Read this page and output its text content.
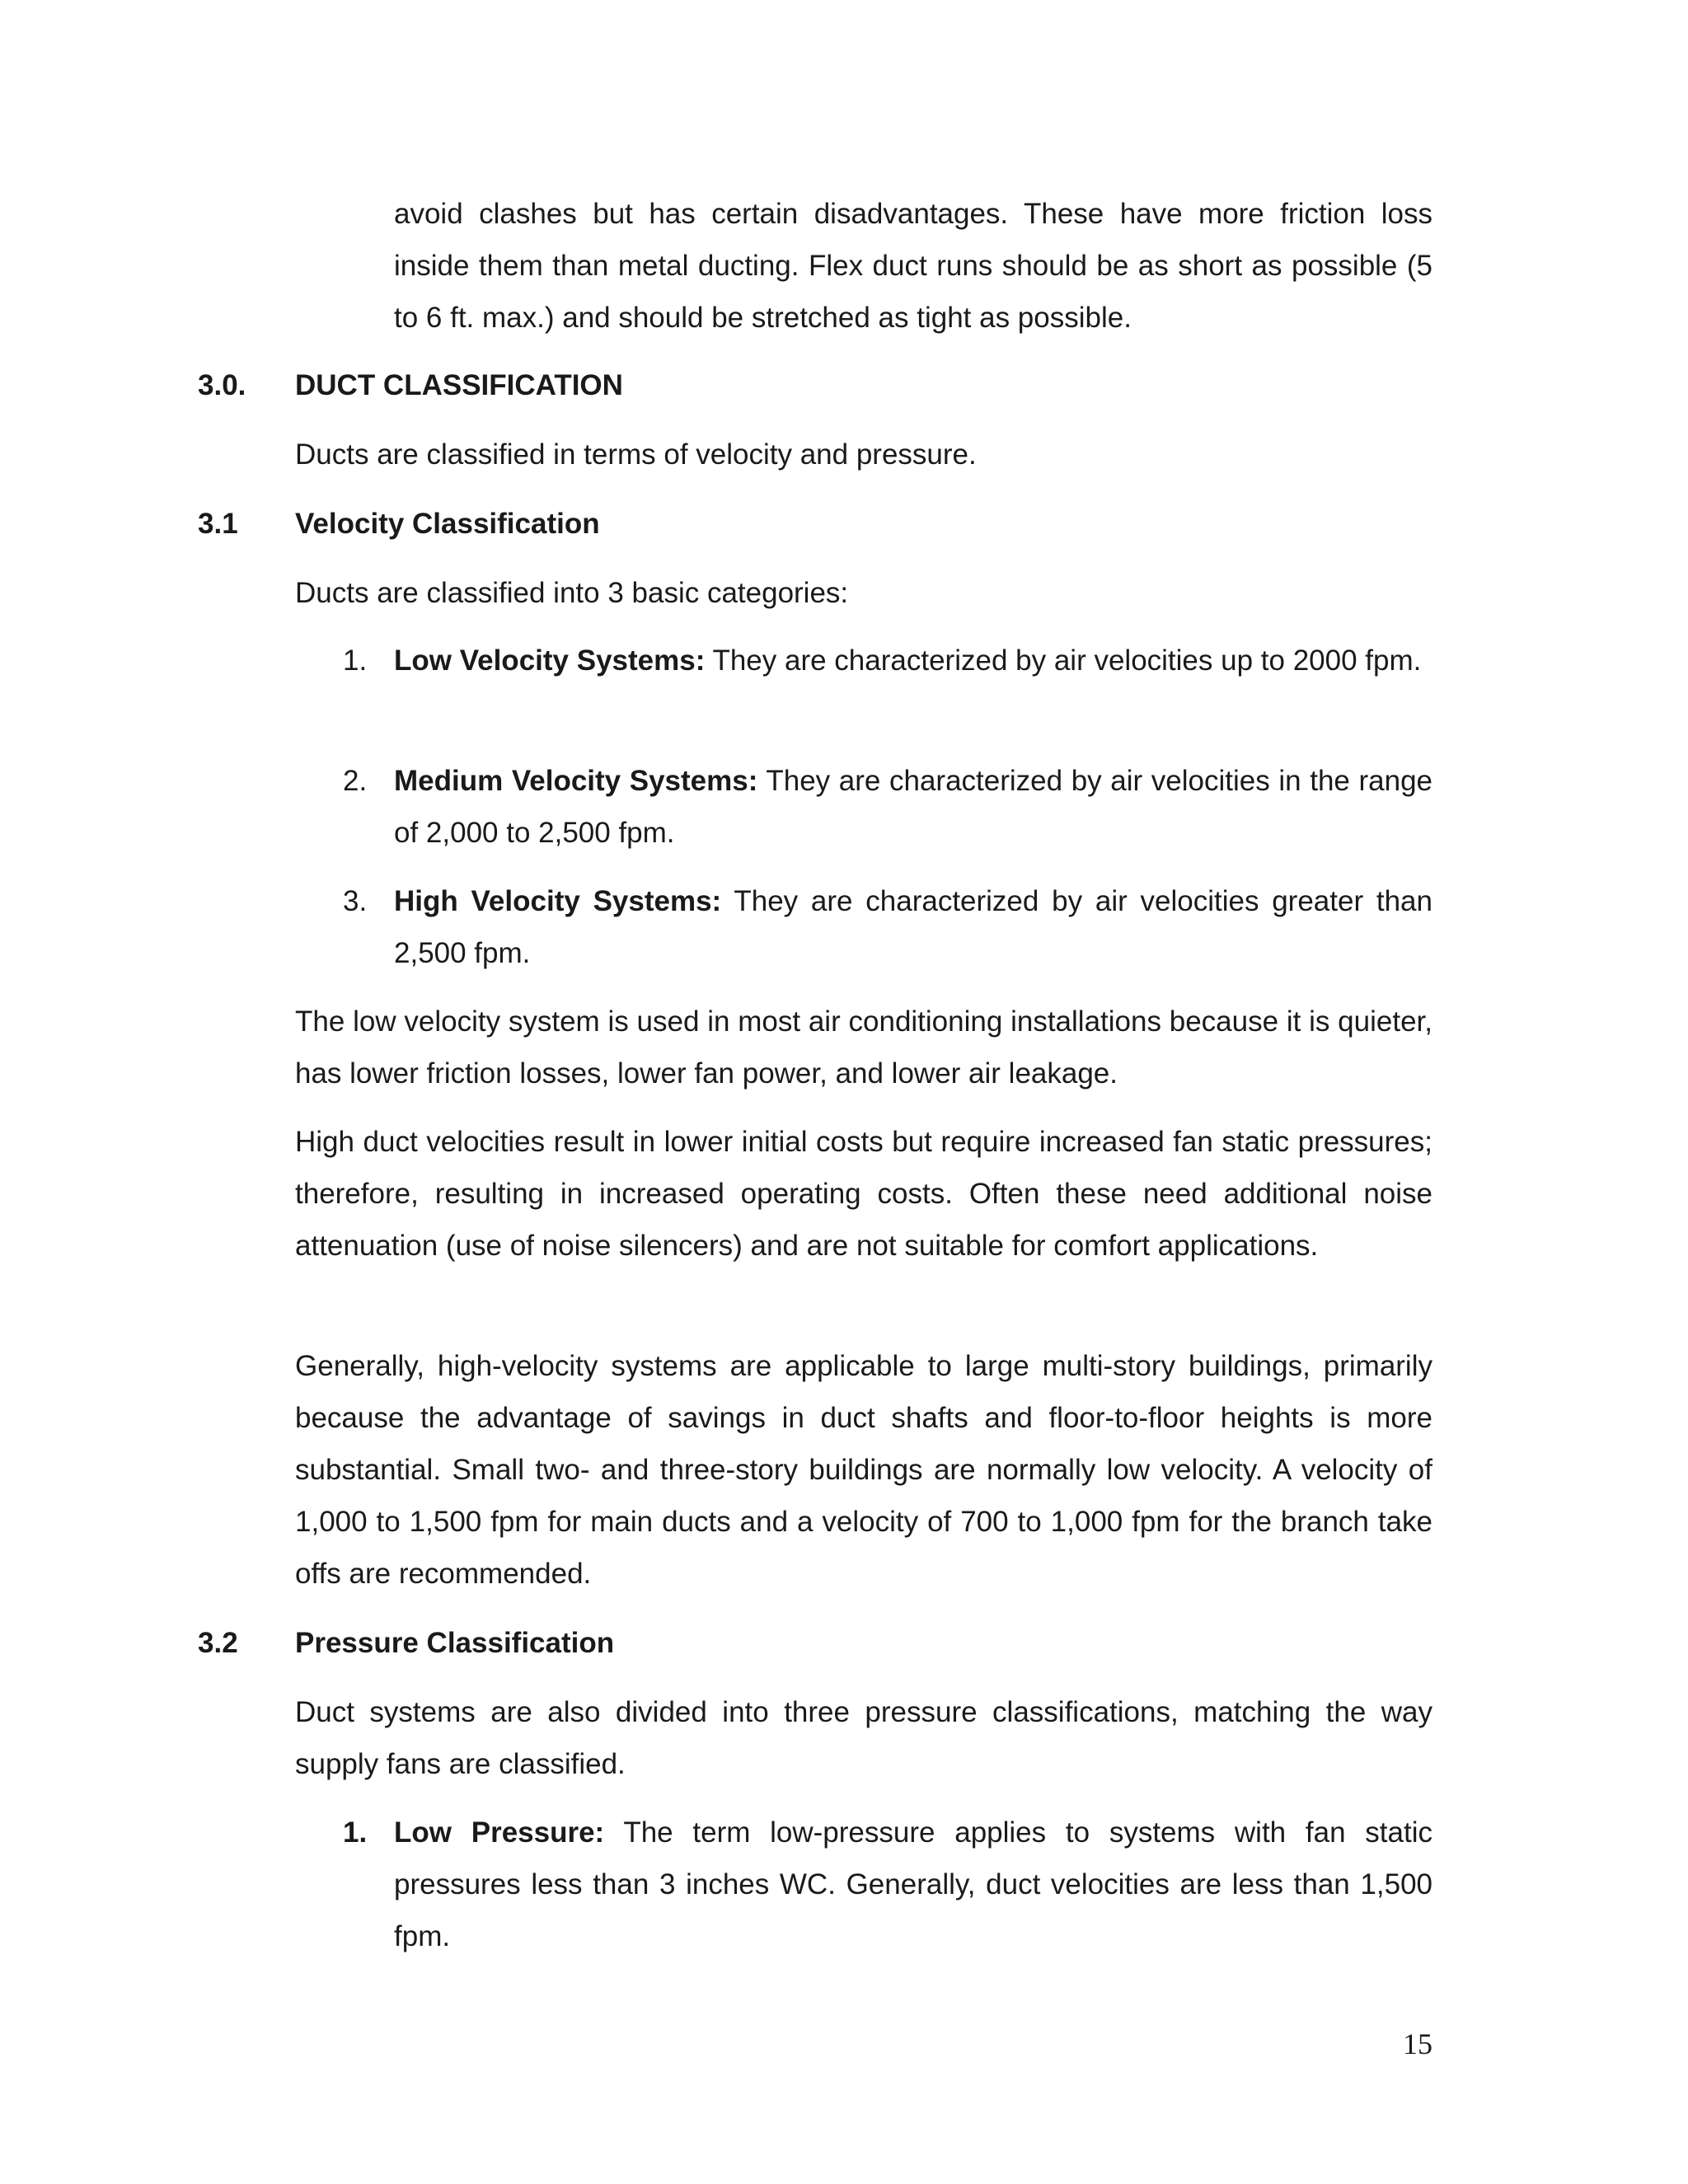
avoid clashes but has certain disadvantages. These have more friction loss inside them than metal ducting. Flex duct runs should be as short as possible (5 to 6 ft. max.) and should be stretched as tight as possible.

3.0. DUCT CLASSIFICATION

Ducts are classified in terms of velocity and pressure.

3.1 Velocity Classification

Ducts are classified into 3 basic categories:

1. Low Velocity Systems: They are characterized by air velocities up to 2000 fpm.
2. Medium Velocity Systems: They are characterized by air velocities in the range of 2,000 to 2,500 fpm.
3. High Velocity Systems: They are characterized by air velocities greater than 2,500 fpm.

The low velocity system is used in most air conditioning installations because it is quieter, has lower friction losses, lower fan power, and lower air leakage.

High duct velocities result in lower initial costs but require increased fan static pressures; therefore, resulting in increased operating costs. Often these need additional noise attenuation (use of noise silencers) and are not suitable for comfort applications.

Generally, high-velocity systems are applicable to large multi-story buildings, primarily because the advantage of savings in duct shafts and floor-to-floor heights is more substantial. Small two- and three-story buildings are normally low velocity. A velocity of 1,000 to 1,500 fpm for main ducts and a velocity of 700 to 1,000 fpm for the branch take offs are recommended.

3.2 Pressure Classification

Duct systems are also divided into three pressure classifications, matching the way supply fans are classified.

1. Low Pressure: The term low-pressure applies to systems with fan static pressures less than 3 inches WC. Generally, duct velocities are less than 1,500 fpm.
15
